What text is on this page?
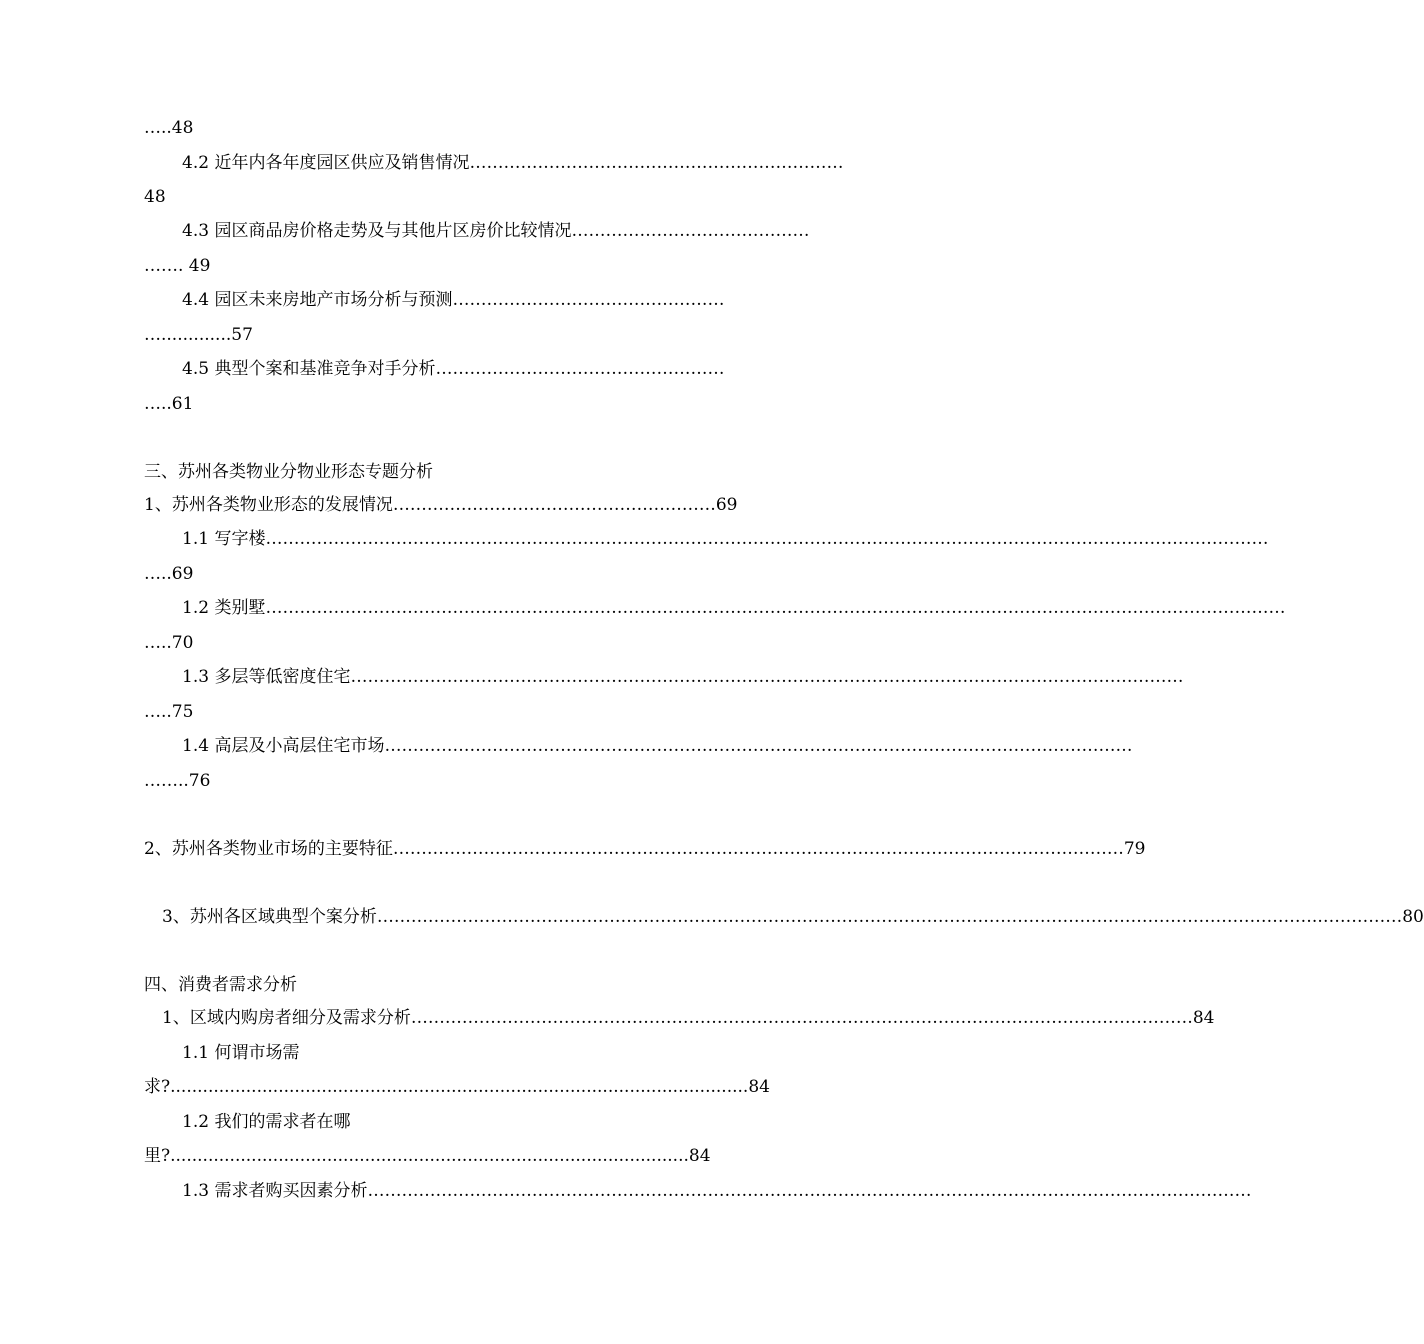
…..48
4.2 近年内各年度园区供应及销售情况…………………………………………………………
48
4.3 园区商品房价格走势及与其他片区房价比较情况……………………………………
……. 49
4.4 园区未来房地产市场分析与预测…………………………………………
….............57
4.5 典型个案和基准竞争对手分析……………………………………………
…..61
三、苏州各类物业分物业形态专题分析
1、苏州各类物业形态的发展情况…………………………………………………69
1.1 写字楼……………………………………………………………………………………………………………………………………………………………
…..69
1.2 类别墅………………………………………………………………………………………………………………………………………………………………
…..70
1.3 多层等低密度住宅…………………………………………………………………………………………………………………………………
…..75
1.4 高层及小高层住宅市场……………………………………………………………………………………………………………………
……..76
2、苏州各类物业市场的主要特征…………………………………………………………………………………………………………………79
3、苏州各区域典型个案分析………………………………………………………………………………………………………………………………………………….……………80
四、消费者需求分析
1、区域内购房者细分及需求分析…………………………………………………………………………………………………………………………84
1.1 何谓市场需
求?...........................................................................................................84
1.2 我们的需求者在哪
里?................................................................................................84
1.3 需求者购买因素分析…………………………………………………………………………………………………………………………………………
